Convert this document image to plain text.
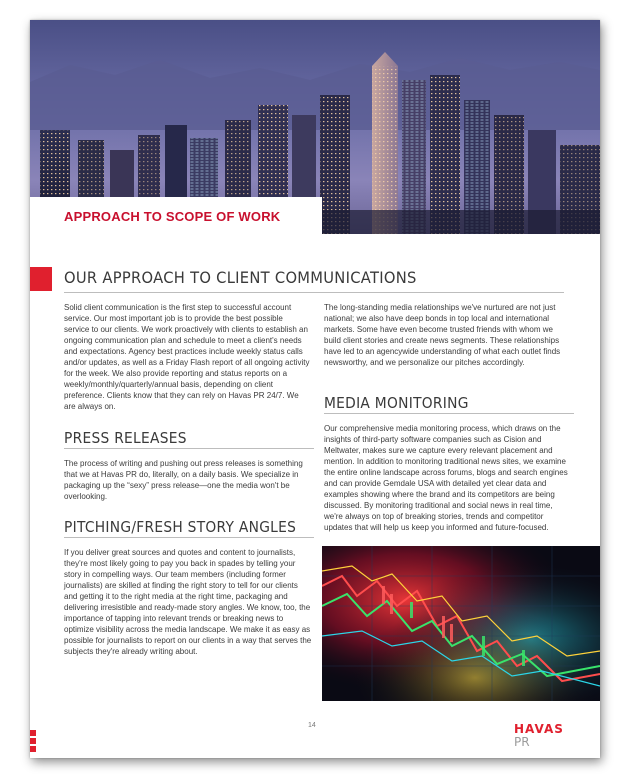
APPROACH TO SCOPE OF WORK
OUR APPROACH TO CLIENT COMMUNICATIONS
Solid client communication is the first step to successful account service. Our most important job is to provide the best possible service to our clients. We work proactively with clients to establish an ongoing communication plan and schedule to meet a client's needs and expectations. Agency best practices include weekly status calls and/or updates, as well as a Friday Flash report of all ongoing activity for the week. We also provide reporting and status reports on a weekly/monthly/quarterly/annual basis, depending on client preference. Clients know that they can rely on Havas PR 24/7. We are always on.
PRESS RELEASES
The process of writing and pushing out press releases is something that we at Havas PR do, literally, on a daily basis. We specialize in packaging up the “sexy” press release—one the media won't be overlooking.
PITCHING/FRESH STORY ANGLES
If you deliver great sources and quotes and content to journalists, they're most likely going to pay you back in spades by telling your story in compelling ways. Our team members (including former journalists) are skilled at finding the right story to tell for our clients and getting it to the right media at the right time, packaging and delivering irresistible and ready-made story angles. We know, too, the importance of tapping into relevant trends or breaking news to optimize visibility across the media landscape. We make it as easy as possible for journalists to report on our clients in a way that serves the subjects they're already writing about.
The long-standing media relationships we've nurtured are not just national; we also have deep bonds in top local and international markets. Some have even become trusted friends with whom we build client stories and create news segments. These relationships have led to an agencywide understanding of what each outlet finds newsworthy, and we personalize our pitches accordingly.
MEDIA MONITORING
Our comprehensive media monitoring process, which draws on the insights of third-party software companies such as Cision and Meltwater, makes sure we capture every relevant placement and mention. In addition to monitoring traditional news sites, we examine the entire online landscape across forums, blogs and search engines and can provide Gemdale USA with detailed yet clear data and examples showing where the brand and its competitors are being discussed. By monitoring traditional and social news in real time, we're always on top of breaking stories, trends and competitor updates that will help us keep you informed and future-focused.
14	HAVAS
PR
